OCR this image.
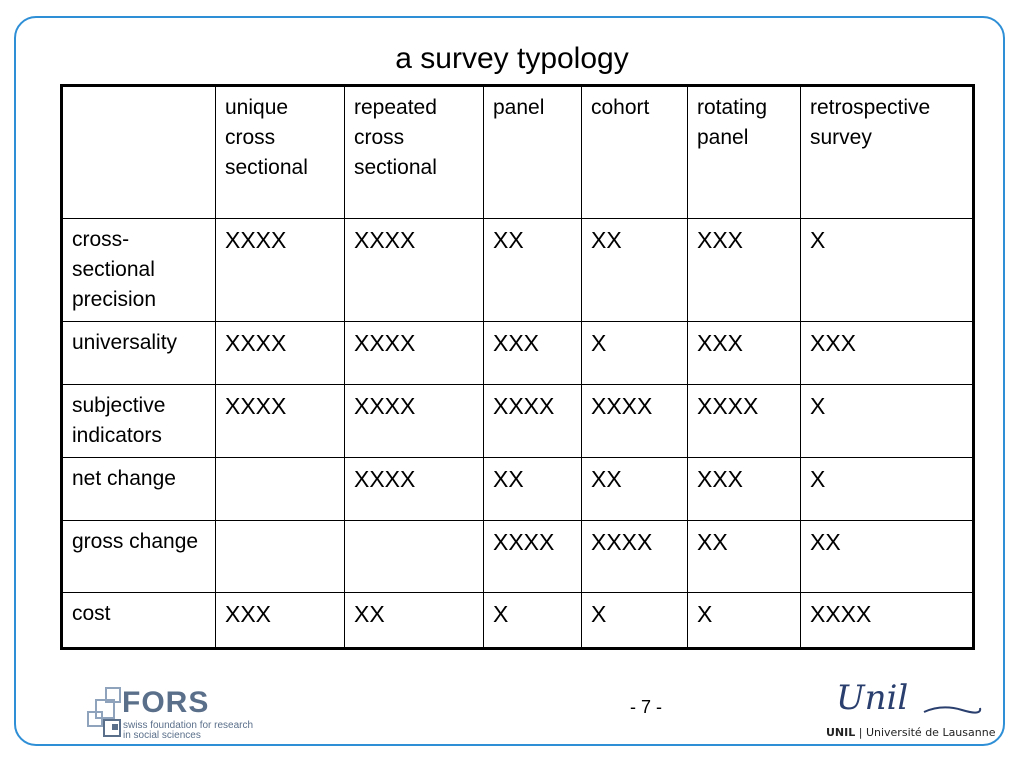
a survey typology
	unique cross sectional	repeated cross sectional	panel	cohort	rotating panel	retrospective survey
cross-sectional precision	XXXX	XXXX	XX	XX	XXX	X
universality	XXXX	XXXX	XXX	X	XXX	XXX
subjective indicators	XXXX	XXXX	XXXX	XXXX	XXXX	X
net change		XXXX	XX	XX	XXX	X
gross change			XXXX	XXXX	XX	XX
cost	XXX	XX	X	X	X	XXXX
FORS
swiss foundation for research
in social sciences
- 7 -	Unil
UNIL | Université de Lausanne
